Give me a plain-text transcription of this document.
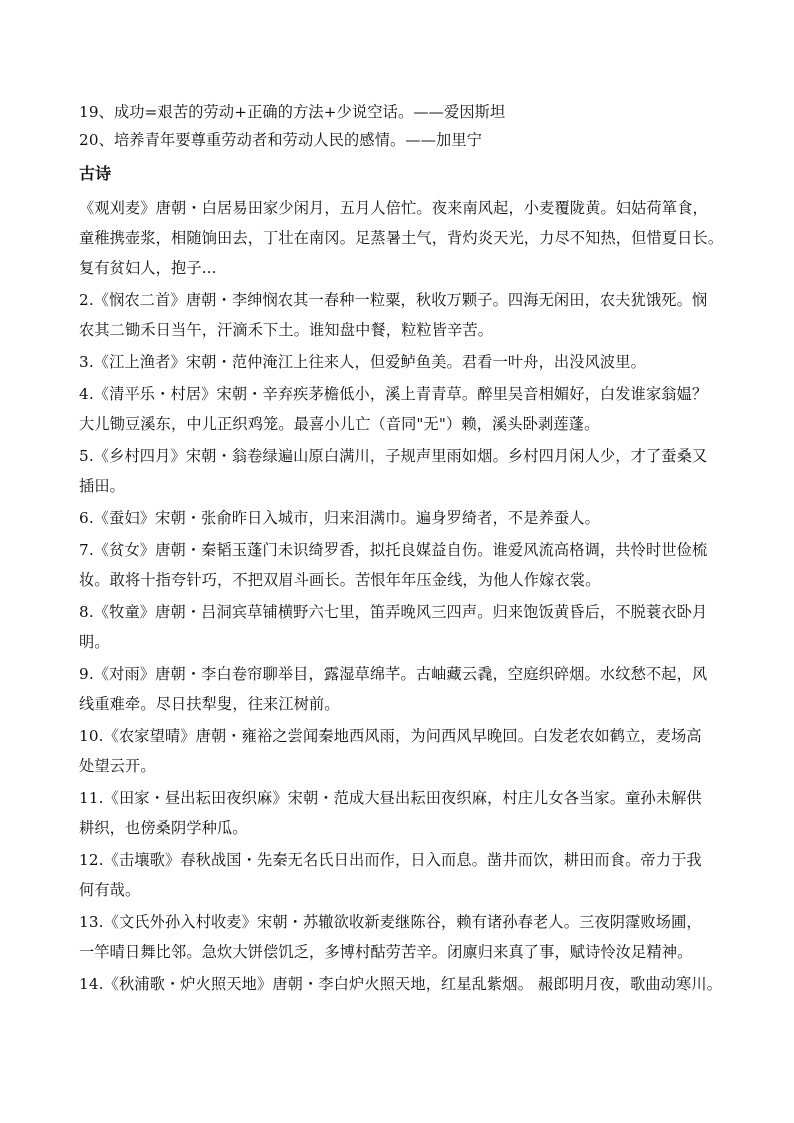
19、成功=艰苦的劳动+正确的方法+少说空话。——爱因斯坦
20、培养青年要尊重劳动者和劳动人民的感情。——加里宁
古诗
《观刈麦》唐朝・白居易田家少闲月，五月人倍忙。夜来南风起，小麦覆陇黄。妇姑荷箪食，
童稚携壶浆，相随饷田去，丁壮在南冈。足蒸暑土气，背灼炎天光，力尽不知热，但惜夏日长。
复有贫妇人，抱子...
2.《悯农二首》唐朝・李绅悯农其一春种一粒粟，秋收万颗子。四海无闲田，农夫犹饿死。悯
农其二锄禾日当午，汗滴禾下土。谁知盘中餐，粒粒皆辛苦。
3.《江上渔者》宋朝・范仲淹江上往来人，但爱鲈鱼美。君看一叶舟，出没风波里。
4.《清平乐・村居》宋朝・辛弃疾茅檐低小，溪上青青草。醉里吴音相媚好，白发谁家翁媪？
大儿锄豆溪东，中儿正织鸡笼。最喜小儿亡（音同"无"）赖，溪头卧剥莲蓬。
5.《乡村四月》宋朝・翁卷绿遍山原白满川，子规声里雨如烟。乡村四月闲人少，才了蚕桑又
插田。
6.《蚕妇》宋朝・张俞昨日入城市，归来泪满巾。遍身罗绮者，不是养蚕人。
7.《贫女》唐朝・秦韬玉蓬门未识绮罗香，拟托良媒益自伤。谁爱风流高格调，共怜时世俭梳
妆。敢将十指夸针巧，不把双眉斗画长。苦恨年年压金线，为他人作嫁衣裳。
8.《牧童》唐朝・吕洞宾草铺横野六七里，笛弄晚风三四声。归来饱饭黄昏后，不脱蓑衣卧月
明。
9.《对雨》唐朝・李白卷帘聊举目，露湿草绵芊。古岫藏云毳，空庭织碎烟。水纹愁不起，风
线重难牵。尽日扶犁叟，往来江树前。
10.《农家望晴》唐朝・雍裕之尝闻秦地西风雨，为问西风早晚回。白发老农如鹤立，麦场高
处望云开。
11.《田家・昼出耘田夜织麻》宋朝・范成大昼出耘田夜织麻，村庄儿女各当家。童孙未解供
耕织，也傍桑阴学种瓜。
12.《击壤歌》春秋战国・先秦无名氏日出而作，日入而息。凿井而饮，耕田而食。帝力于我
何有哉。
13.《文氏外孙入村收麦》宋朝・苏辙欲收新麦继陈谷，赖有诸孙春老人。三夜阴霪败场圃，
一竿晴日舞比邻。急炊大饼偿饥乏，多博村酤劳苦辛。闭廪归来真了事，赋诗怜汝足精神。
14.《秋浦歌・炉火照天地》唐朝・李白炉火照天地，红星乱紫烟。 赧郎明月夜，歌曲动寒川。
